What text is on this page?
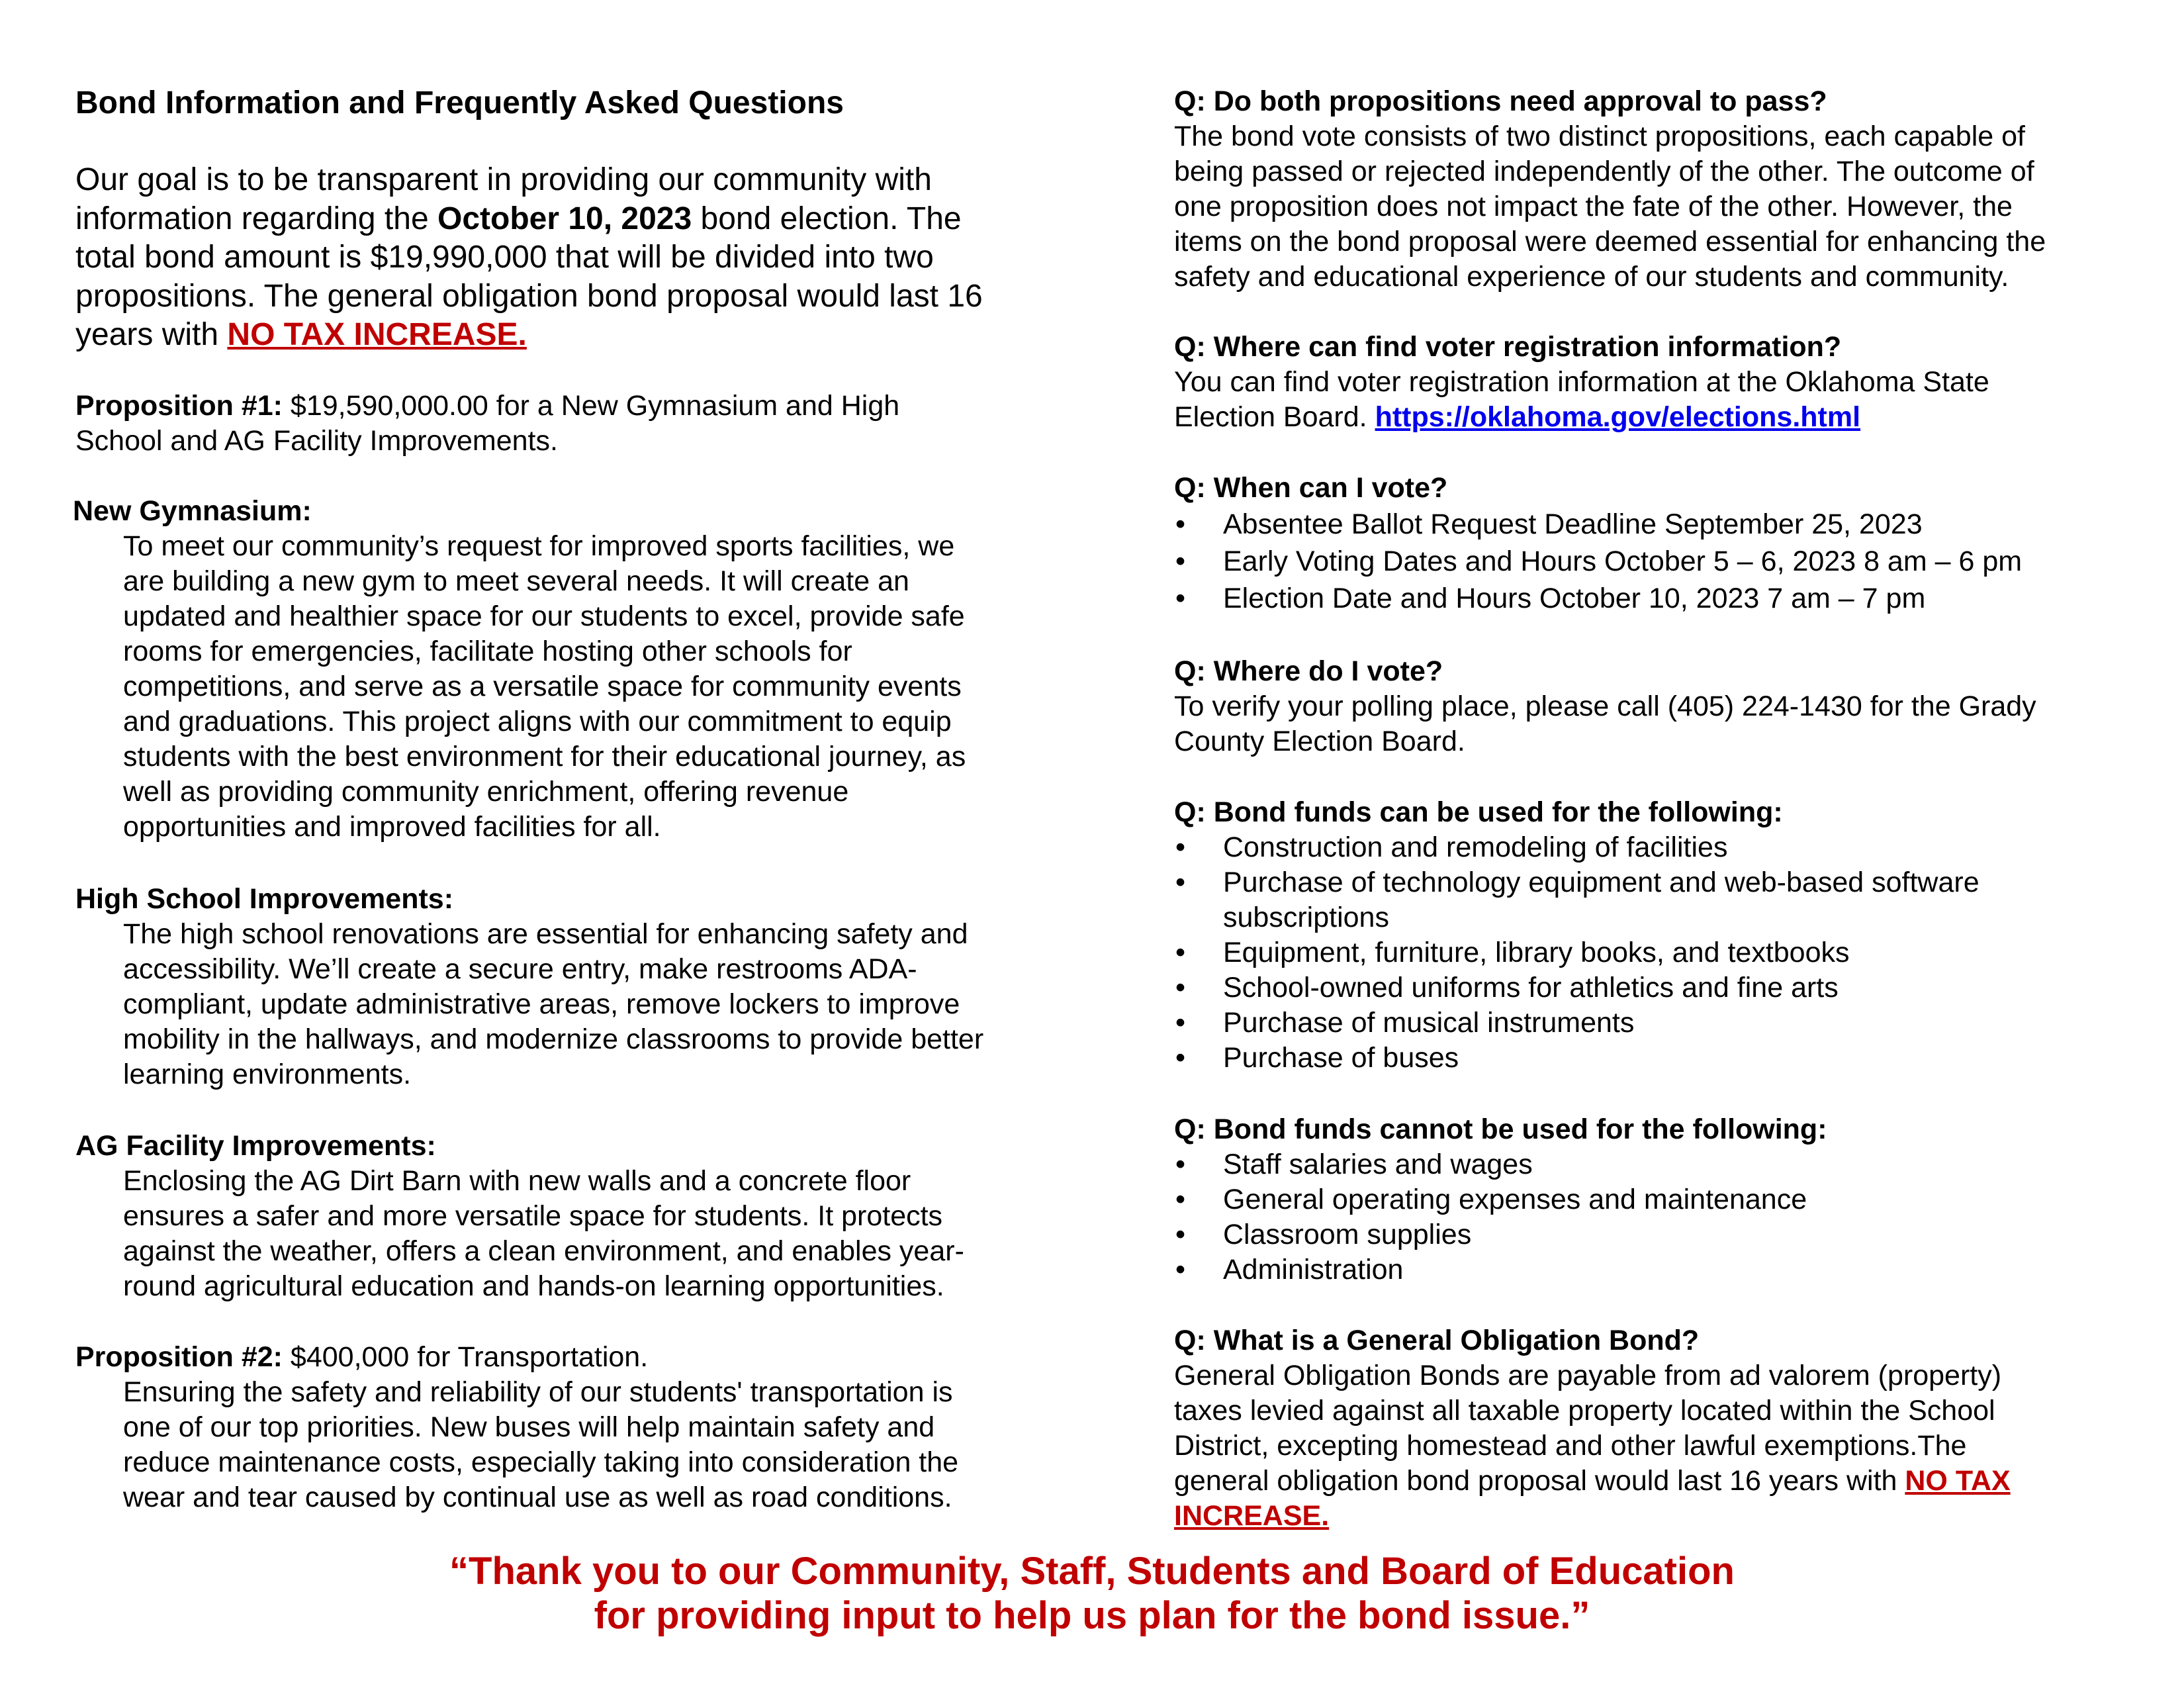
Bond Information and Frequently Asked Questions
Our goal is to be transparent in providing our community with
information regarding the October 10, 2023 bond election. The
total bond amount is $19,990,000 that will be divided into two
propositions. The general obligation bond proposal would last 16
years with NO TAX INCREASE.
Proposition #1: $19,590,000.00 for a New Gymnasium and High
School and AG Facility Improvements.
New Gymnasium:
To meet our community’s request for improved sports facilities, we
are building a new gym to meet several needs. It will create an
updated and healthier space for our students to excel, provide safe
rooms for emergencies, facilitate hosting other schools for
competitions, and serve as a versatile space for community events
and graduations. This project aligns with our commitment to equip
students with the best environment for their educational journey, as
well as providing community enrichment, offering revenue
opportunities and improved facilities for all.
High School Improvements:
The high school renovations are essential for enhancing safety and
accessibility. We’ll create a secure entry, make restrooms ADA-
compliant, update administrative areas, remove lockers to improve
mobility in the hallways, and modernize classrooms to provide better
learning environments.
AG Facility Improvements:
Enclosing the AG Dirt Barn with new walls and a concrete floor
ensures a safer and more versatile space for students. It protects
against the weather, offers a clean environment, and enables year-
round agricultural education and hands-on learning opportunities.
Proposition #2: $400,000 for Transportation.
Ensuring the safety and reliability of our students' transportation is
one of our top priorities. New buses will help maintain safety and
reduce maintenance costs, especially taking into consideration the
wear and tear caused by continual use as well as road conditions.
Q: Do both propositions need approval to pass?
The bond vote consists of two distinct propositions, each capable of
being passed or rejected independently of the other. The outcome of
one proposition does not impact the fate of the other. However, the
items on the bond proposal were deemed essential for enhancing the
safety and educational experience of our students and community.
Q: Where can find voter registration information?
You can find voter registration information at the Oklahoma State
Election Board. https://oklahoma.gov/elections.html
Q: When can I vote?
• Absentee Ballot Request Deadline September 25, 2023
• Early Voting Dates and Hours October 5 – 6, 2023 8 am – 6 pm
• Election Date and Hours October 10, 2023 7 am – 7 pm
Q: Where do I vote?
To verify your polling place, please call (405) 224-1430 for the Grady
County Election Board.
Q: Bond funds can be used for the following:
• Construction and remodeling of facilities
• Purchase of technology equipment and web-based software
subscriptions
• Equipment, furniture, library books, and textbooks
• School-owned uniforms for athletics and fine arts
• Purchase of musical instruments
• Purchase of buses
Q: Bond funds cannot be used for the following:
• Staff salaries and wages
• General operating expenses and maintenance
• Classroom supplies
• Administration
Q: What is a General Obligation Bond?
General Obligation Bonds are payable from ad valorem (property)
taxes levied against all taxable property located within the School
District, excepting homestead and other lawful exemptions.The
general obligation bond proposal would last 16 years with NO TAX
INCREASE.
“Thank you to our Community, Staff, Students and Board of Education
for providing input to help us plan for the bond issue.”
